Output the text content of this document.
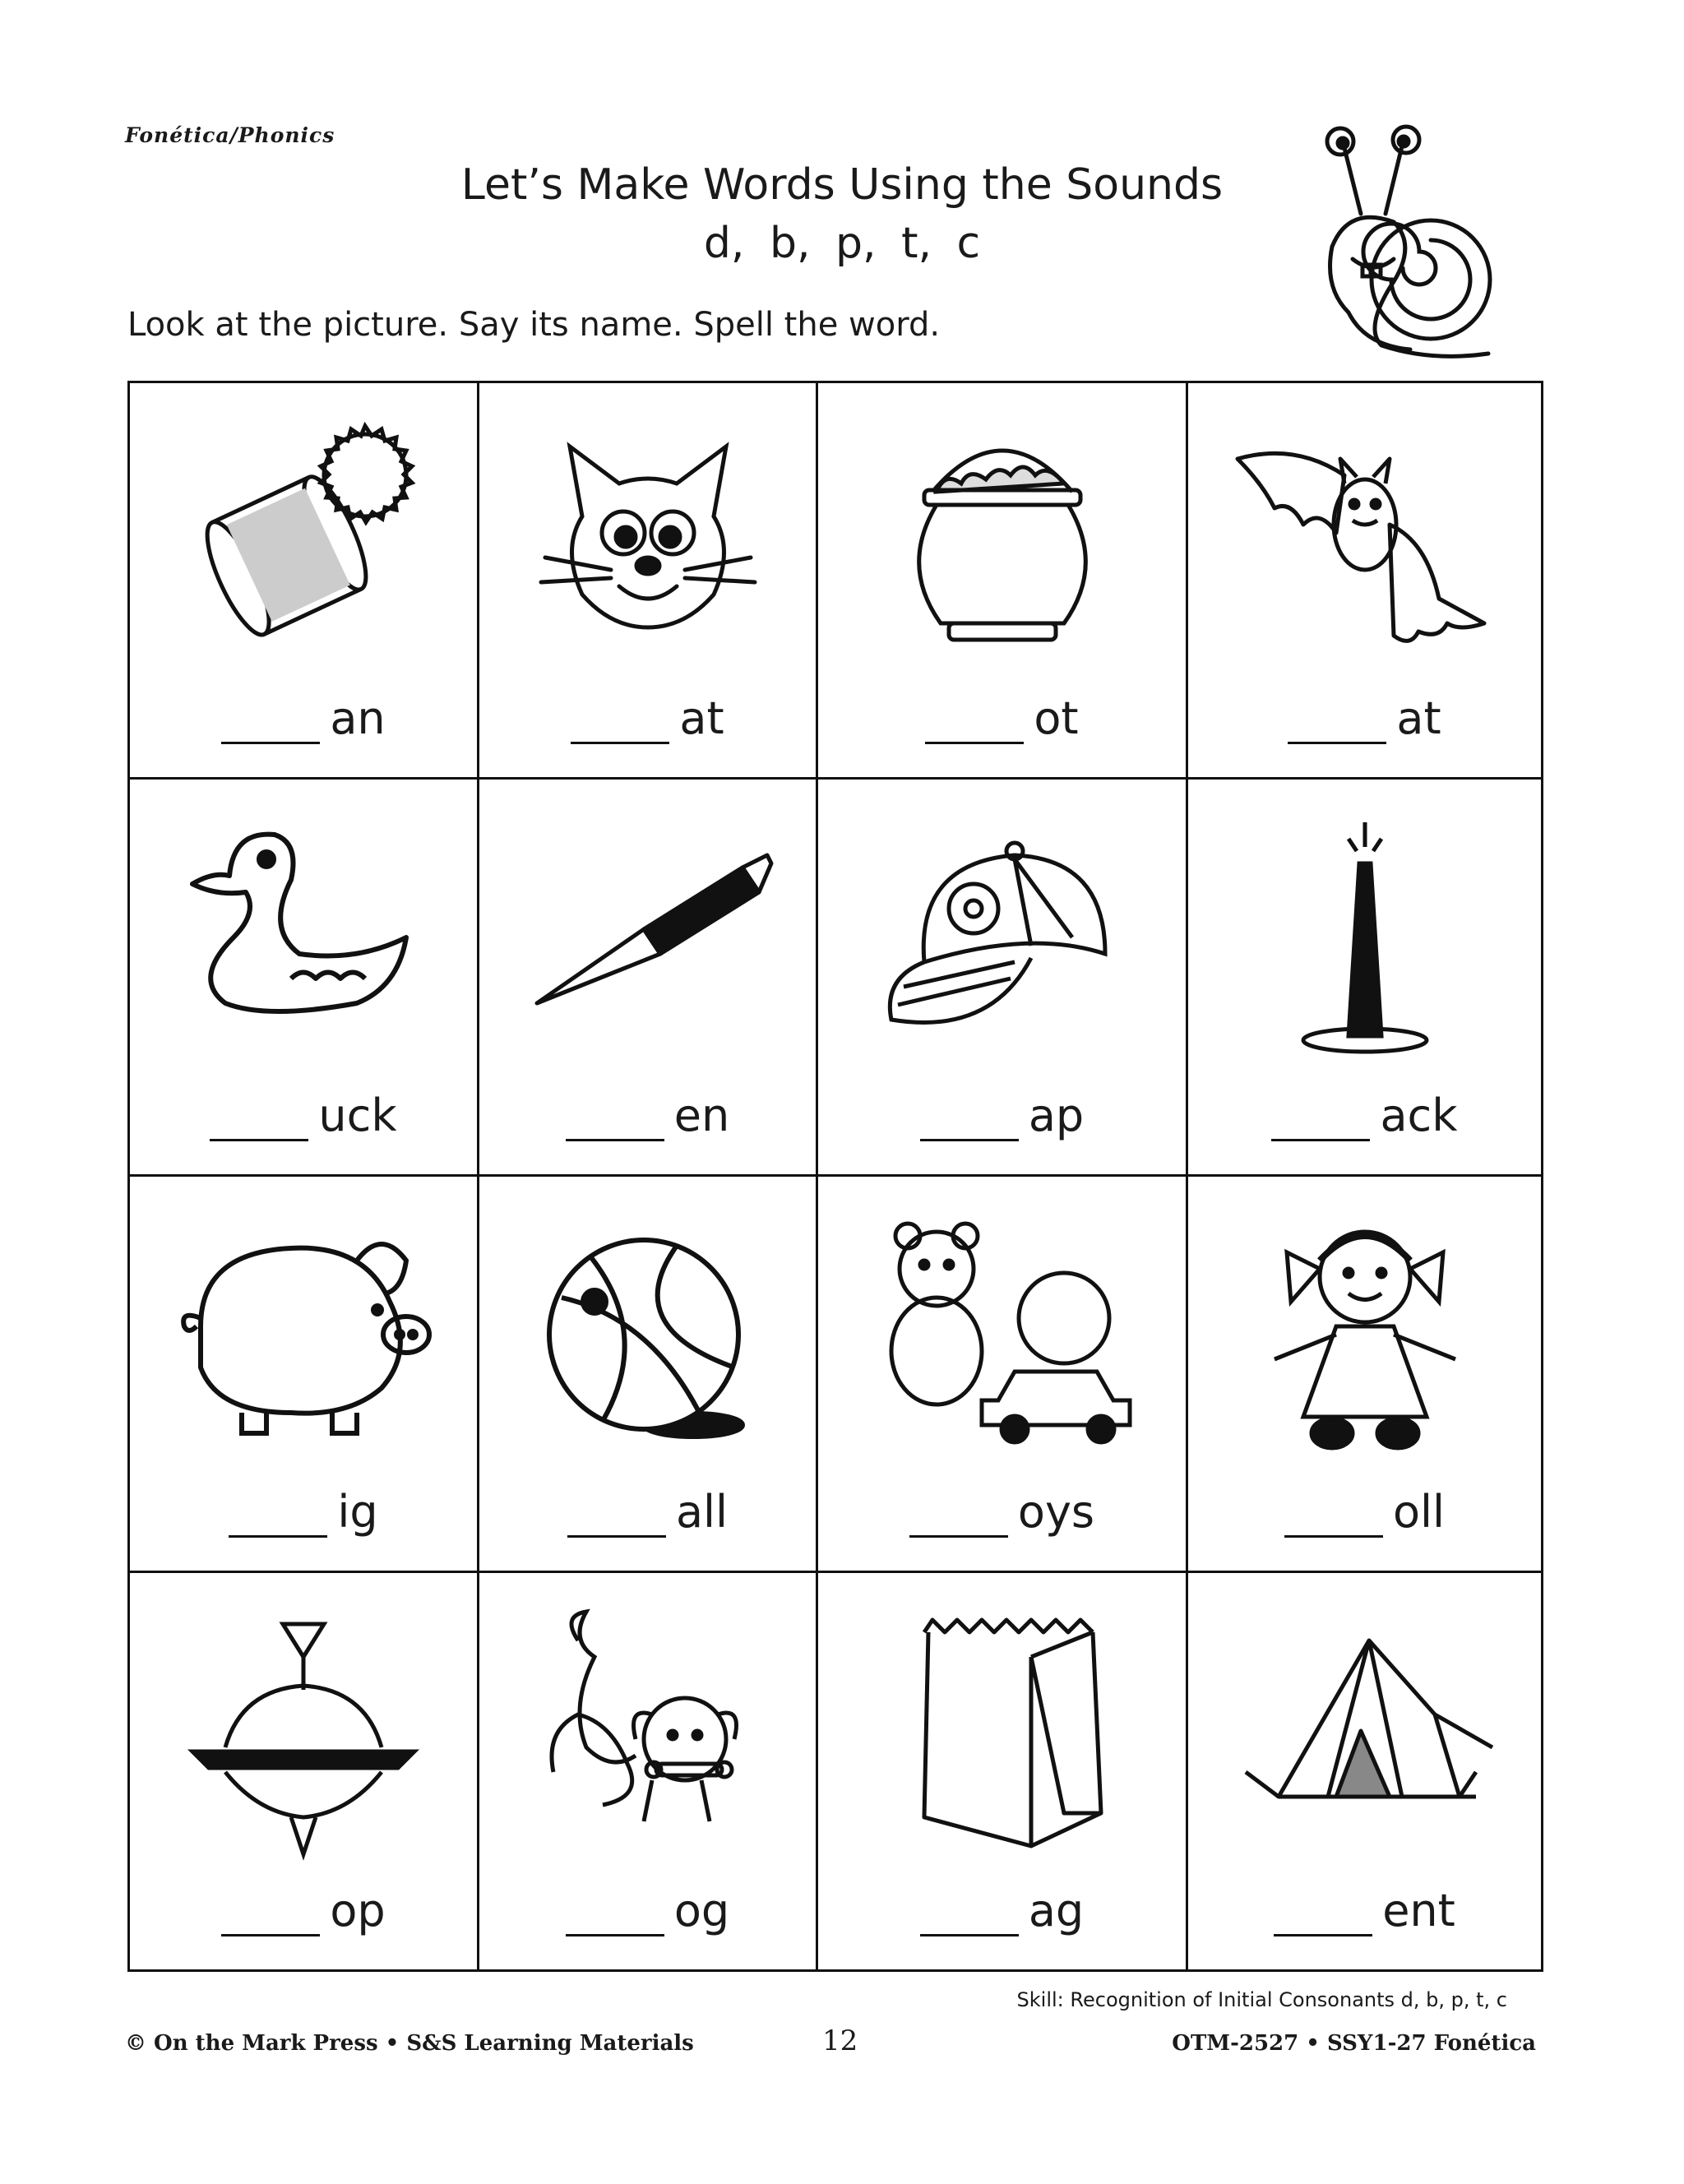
Fonética/Phonics
Let’s Make Words Using the Sounds
d, b, p, t, c
Look at the picture. Say its name. Spell the word.
an	at	ot	at
uck	en	ap	ack
ig	all	oys	oll
op	og	ag	ent
Skill: Recognition of Initial Consonants d, b, p, t, c
© On the Mark Press • S&S Learning Materials	12	OTM-2527 • SSY1-27 Fonética
